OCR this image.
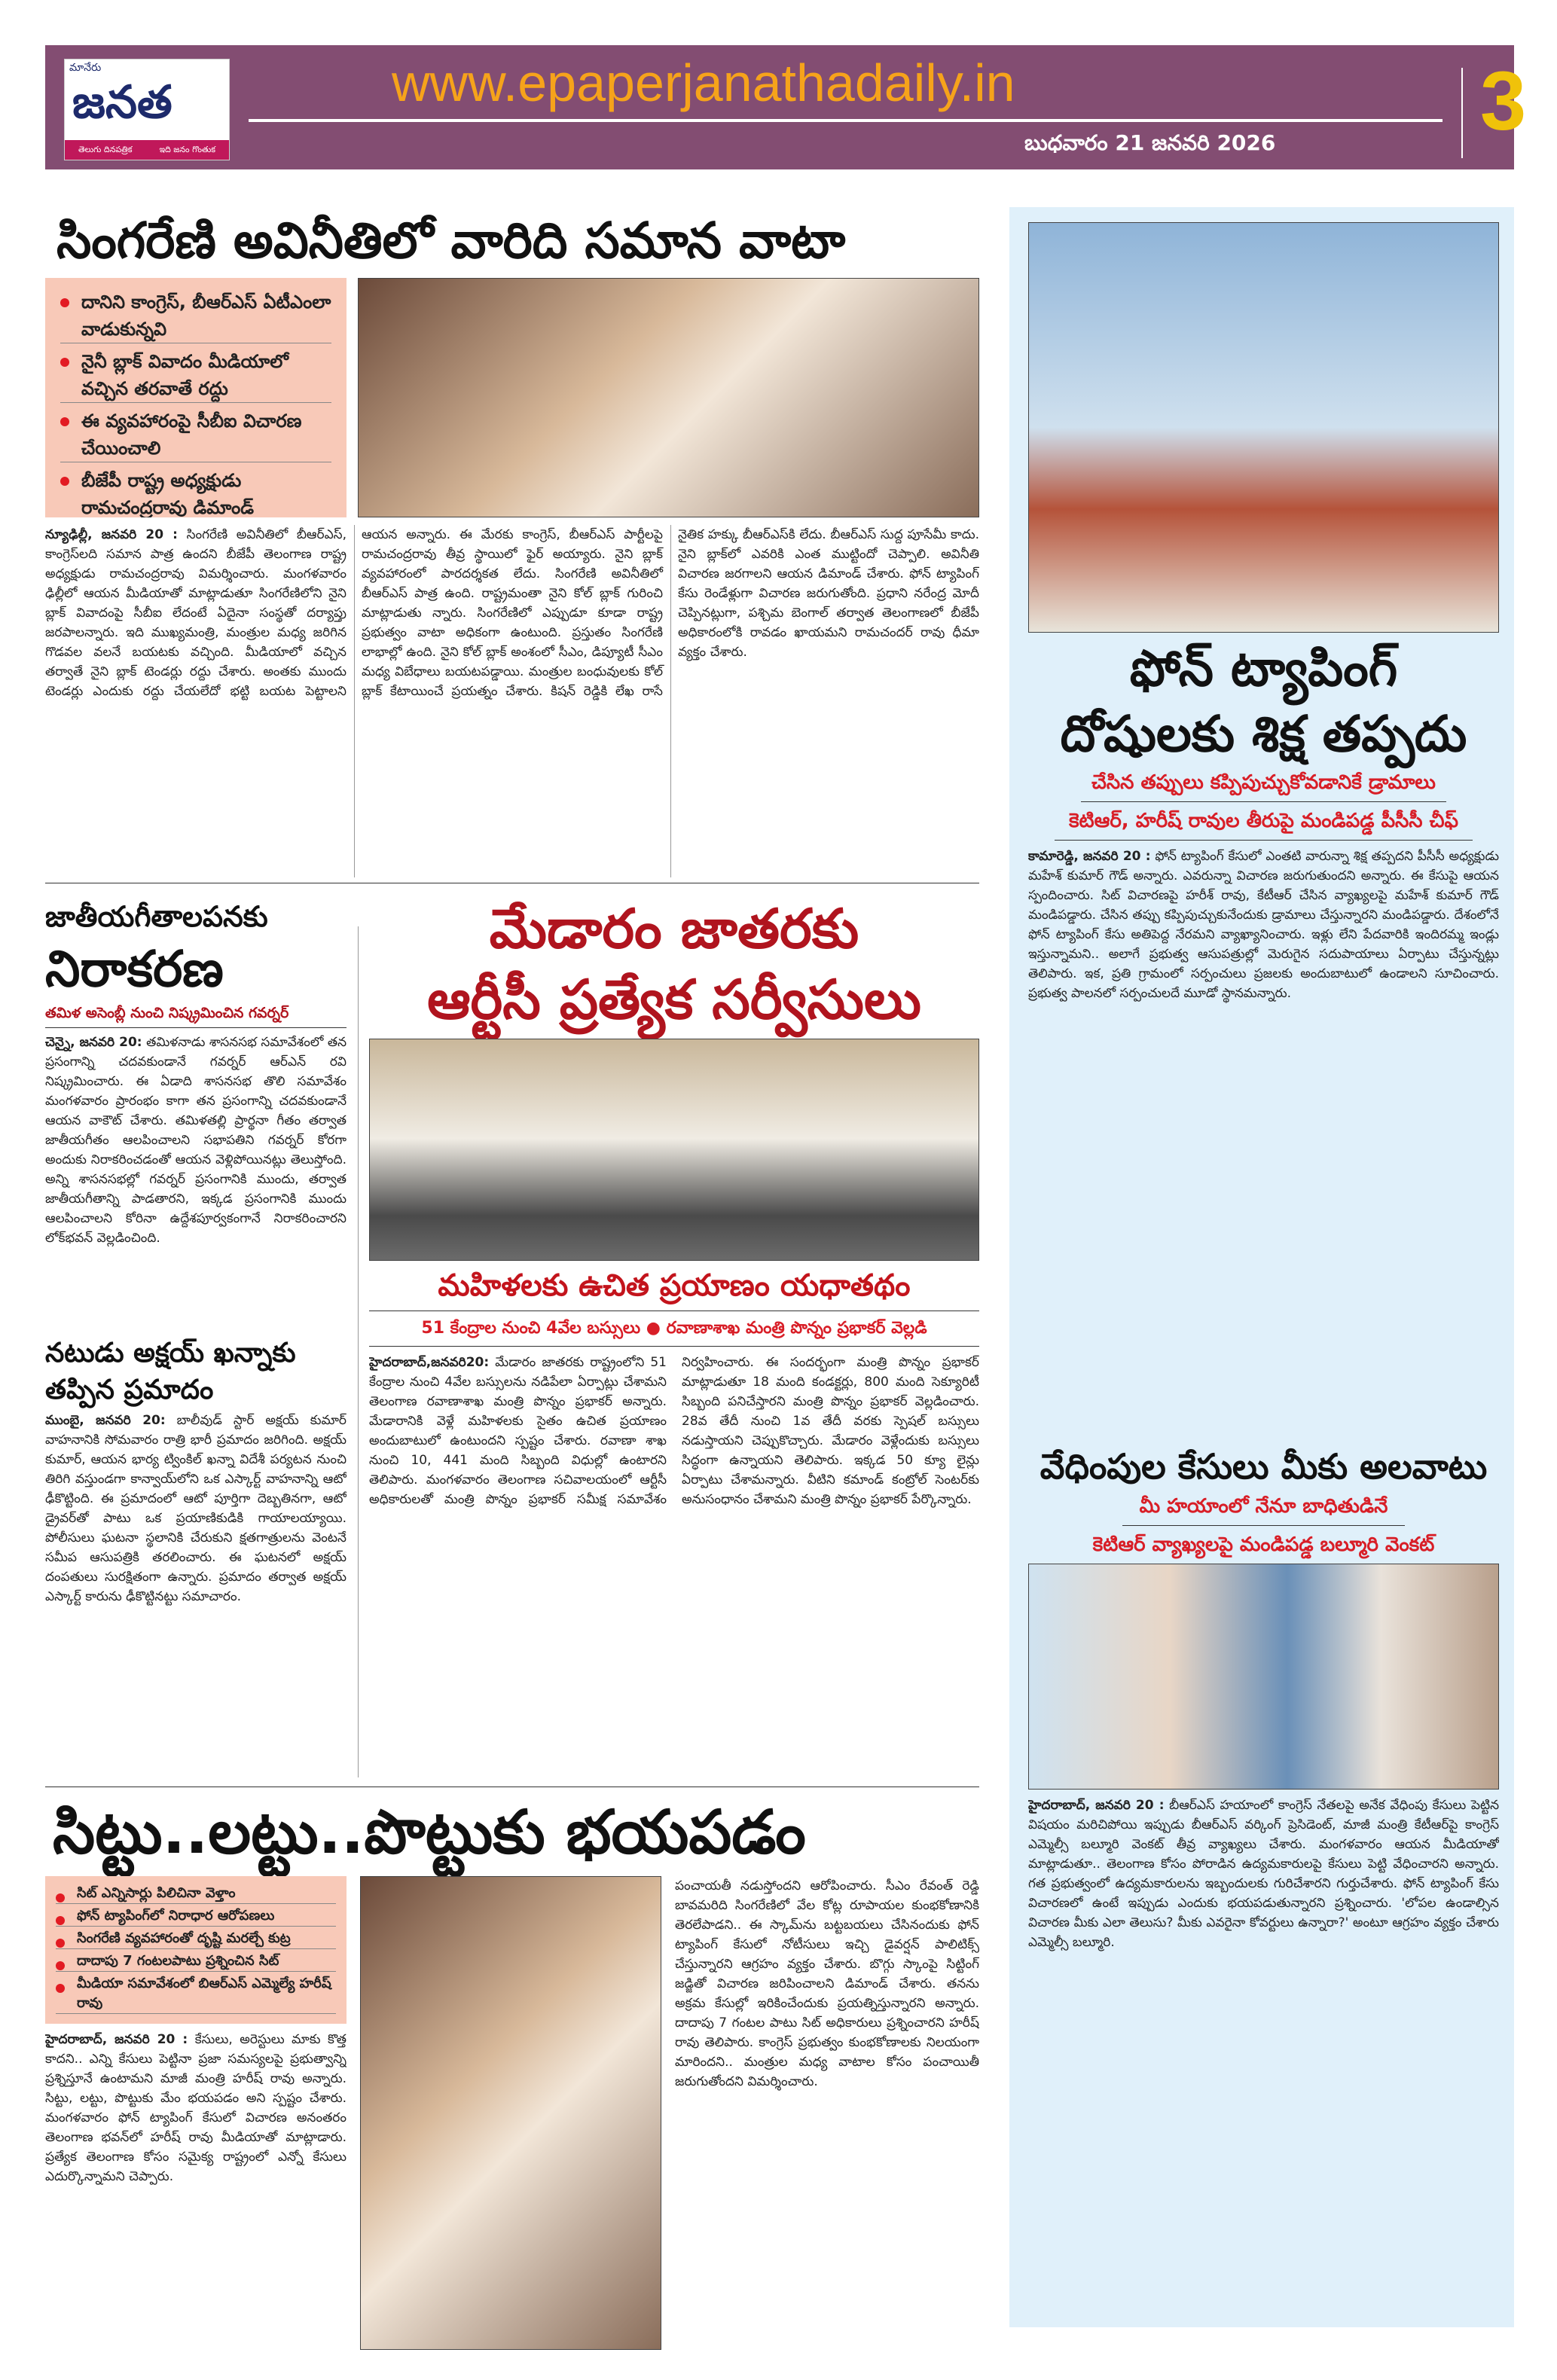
మానేరు
జనత
తెలుగు దినపత్రిక	ఇది జనం గొంతుక
www.epaperjanathadaily.in
బుధవారం 21 జనవరి 2026 3
సింగరేణి అవినీతిలో వారిది సమాన వాటా
దానిని కాంగ్రెస్, బీఆర్ఎస్ ఏటీఎంలా వాడుకున్నవి
నైనీ బ్లాక్ వివాదం మీడియాలో వచ్చిన తరవాతే రద్దు
ఈ వ్యవహారంపై సీబీఐ విచారణ చేయించాలి
బీజేపీ రాష్ట్ర అధ్యక్షుడు రామచంద్రరావు డిమాండ్
న్యూఢిల్లీ, జనవరి 20 : సింగరేణి అవినీతిలో బీఆర్ఎస్, కాంగ్రెస్‌లది సమాన పాత్ర ఉందని బీజేపీ తెలంగాణ రాష్ట్ర అధ్యక్షుడు రామచంద్రరావు విమర్శించారు. మంగళవారం ఢిల్లీలో ఆయన మీడియాతో మాట్లాడుతూ సింగరేణిలోని నైని బ్లాక్ వివాదంపై సీబీఐ లేదంటే ఏదైనా సంస్థతో దర్యాప్తు జరపాలన్నారు. ఇది ముఖ్యమంత్రి, మంత్రుల మధ్య జరిగిన గొడవల వలనే బయటకు వచ్చింది. మీడియాలో వచ్చిన తర్వాతే నైని బ్లాక్ టెండర్లు రద్దు చేశారు. అంతకు ముందు టెండర్లు ఎందుకు రద్దు చేయలేదో భట్టి బయట పెట్టాలని ఆయన అన్నారు. ఈ మేరకు కాంగ్రెస్, బీఆర్ఎస్ పార్టీలపై రామచంద్రరావు తీవ్ర స్థాయిలో ఫైర్ అయ్యారు. నైని బ్లాక్ వ్యవహారంలో పారదర్శకత లేదు. సింగరేణి అవినీతిలో బీఆర్ఎస్ పాత్ర ఉంది. రాష్ట్రమంతా నైని కోల్ బ్లాక్ గురించి మాట్లాడుతు న్నారు. సింగరేణిలో ఎప్పుడూ కూడా రాష్ట్ర ప్రభుత్వం వాటా అధికంగా ఉంటుంది. ప్రస్తుతం సింగరేణి లాభాల్లో ఉంది. నైని కోల్ బ్లాక్ అంశంలో సీఎం, డిప్యూటీ సీఎం మధ్య విబేధాలు బయటపడ్డాయి. మంత్రుల బంధువులకు కోల్ బ్లాక్ కేటాయించే ప్రయత్నం చేశారు. కిషన్ రెడ్డికి లేఖ రాసే నైతిక హక్కు బీఆర్ఎస్‌కి లేదు. బీఆర్ఎస్ సుద్ద పూసేమీ కాదు. నైని బ్లాక్‌లో ఎవరికి ఎంత ముట్టిందో చెప్పాలి. అవినీతి విచారణ జరగాలని ఆయన డిమాండ్ చేశారు. ఫోన్ ట్యాపింగ్ కేసు రెండేళ్లుగా విచారణ జరుగుతోంది. ప్రధాని నరేంద్ర మోదీ చెప్పినట్లుగా, పశ్చిమ బెంగాల్ తర్వాత తెలంగాణలో బీజేపీ అధికారంలోకి రావడం ఖాయమని రామచందర్ రావు ధీమా వ్యక్తం చేశారు.
జాతీయగీతాలపనకు
నిరాకరణ
తమిళ అసెంబ్లీ నుంచి నిష్క్రమించిన గవర్నర్
చెన్నై, జనవరి 20: తమిళనాడు శాసనసభ సమావేశంలో తన ప్రసంగాన్ని చదవకుండానే గవర్నర్ ఆర్‌ఎన్ రవి నిష్క్రమించారు. ఈ ఏడాది శాసనసభ తొలి సమావేశం మంగళవారం ప్రారంభం కాగా తన ప్రసంగాన్ని చదవకుండానే ఆయన వాకౌట్ చేశారు. తమిళతల్లి ప్రార్థనా గీతం తర్వాత జాతీయగీతం ఆలపించాలని సభాపతిని గవర్నర్ కోరగా అందుకు నిరాకరించడంతో ఆయన వెళ్లిపోయినట్లు తెలుస్తోంది. అన్ని శాసనసభల్లో గవర్నర్ ప్రసంగానికి ముందు, తర్వాత జాతీయగీతాన్ని పాడతారని, ఇక్కడ ప్రసంగానికి ముందు ఆలపించాలని కోరినా ఉద్దేశపూర్వకంగానే నిరాకరించారని లోక్‌భవన్ వెల్లడించింది.
నటుడు అక్షయ్ ఖన్నాకు
తప్పిన ప్రమాదం
ముంబై, జనవరి 20: బాలీవుడ్ స్టార్ అక్షయ్ కుమార్ వాహనానికి సోమవారం రాత్రి భారీ ప్రమాదం జరిగింది. అక్షయ్ కుమార్, ఆయన భార్య ట్వింకిల్ ఖన్నా విదేశీ పర్యటన నుంచి తిరిగి వస్తుండగా కాన్వాయ్‌లోని ఒక ఎస్కార్ట్ వాహనాన్ని ఆటో ఢీకొట్టింది. ఈ ప్రమాదంలో ఆటో పూర్తిగా దెబ్బతినగా, ఆటో డ్రైవర్‌తో పాటు ఒక ప్రయాణికుడికి గాయాలయ్యాయి. పోలీసులు ఘటనా స్థలానికి చేరుకుని క్షతగాత్రులను వెంటనే సమీప ఆసుపత్రికి తరలించారు. ఈ ఘటనలో అక్షయ్ దంపతులు సురక్షితంగా ఉన్నారు. ప్రమాదం తర్వాత అక్షయ్ ఎస్కార్ట్ కారును ఢీకొట్టినట్టు సమాచారం.
మేడారం జాతరకు
ఆర్టీసీ ప్రత్యేక సర్వీసులు
మహిళలకు ఉచిత ప్రయాణం యధాతథం
51 కేంద్రాల నుంచి 4వేల బస్సులు ● రవాణాశాఖ మంత్రి పొన్నం ప్రభాకర్ వెల్లడి
హైదరాబాద్,జనవరి20: మేడారం జాతరకు రాష్ట్రంలోని 51 కేంద్రాల నుంచి 4వేల బస్సులను నడిపేలా ఏర్పాట్లు చేశామని తెలంగాణ రవాణాశాఖ మంత్రి పొన్నం ప్రభాకర్ అన్నారు. మేడారానికి వెళ్లే మహిళలకు సైతం ఉచిత ప్రయాణం అందుబాటులో ఉంటుందని స్పష్టం చేశారు. రవాణా శాఖ నుంచి 10, 441 మంది సిబ్బంది విధుల్లో ఉంటారని తెలిపారు. మంగళవారం తెలంగాణ సచివాలయంలో ఆర్టీసీ అధికారులతో మంత్రి పొన్నం ప్రభాకర్ సమీక్ష సమావేశం నిర్వహించారు. ఈ సందర్భంగా మంత్రి పొన్నం ప్రభాకర్ మాట్లాడుతూ 18 మంది కండక్టర్లు, 800 మంది సెక్యూరిటీ సిబ్బంది పనిచేస్తారని మంత్రి పొన్నం ప్రభాకర్ వెల్లడించారు. 28వ తేదీ నుంచి 1వ తేదీ వరకు స్పెషల్ బస్సులు నడుస్తాయని చెప్పుకొచ్చారు. మేడారం వెళ్లేందుకు బస్సులు సిద్ధంగా ఉన్నాయని తెలిపారు. ఇక్కడ 50 క్యూ లైన్లు ఏర్పాటు చేశామన్నారు. వీటిని కమాండ్ కంట్రోల్ సెంటర్‌కు అనుసంధానం చేశామని మంత్రి పొన్నం ప్రభాకర్ పేర్కొన్నారు.
సిట్టు..లట్టు..పొట్టుకు భయపడం
సిట్ ఎన్నిసార్లు పిలిచినా వెళ్తాం
ఫోన్ ట్యాపింగ్‌లో నిరాధార ఆరోపణలు
సింగరేణి వ్యవహారంతో దృష్టి మరల్చే కుట్ర
దాదాపు 7 గంటలపాటు ప్రశ్నించిన సిట్
మీడియా సమావేశంలో బిఆర్ఎస్ ఎమ్మెల్యే హరీష్ రావు
హైదరాబాద్, జనవరి 20 : కేసులు, అరెస్టులు మాకు కొత్త కాదని.. ఎన్ని కేసులు పెట్టినా ప్రజా సమస్యలపై ప్రభుత్వాన్ని ప్రశ్నిస్తూనే ఉంటామని మాజీ మంత్రి హరీష్ రావు అన్నారు. సిట్టు, లట్టు, పొట్టుకు మేం భయపడం అని స్పష్టం చేశారు. మంగళవారం ఫోన్ ట్యాపింగ్ కేసులో విచారణ అనంతరం తెలంగాణ భవన్‌లో హరీష్ రావు మీడియాతో మాట్లాడారు. ప్రత్యేక తెలంగాణ కోసం సమైక్య రాష్ట్రంలో ఎన్నో కేసులు ఎదుర్కొన్నామని చెప్పారు.
పంచాయతీ నడుస్తోందని ఆరోపించారు. సీఎం రేవంత్ రెడ్డి బావమరిది సింగరేణిలో వేల కోట్ల రూపాయల కుంభకోణానికి తెరలేపాడని.. ఈ స్కామ్‌ను బట్టబయలు చేసినందుకు ఫోన్ ట్యాపింగ్ కేసులో నోటీసులు ఇచ్చి డైవర్షన్ పాలిటిక్స్ చేస్తున్నారని ఆగ్రహం వ్యక్తం చేశారు. బొగ్గు స్కాంపై సిట్టింగ్ జడ్జితో విచారణ జరిపించాలని డిమాండ్ చేశారు. తనను అక్రమ కేసుల్లో ఇరికించేందుకు ప్రయత్నిస్తున్నారని అన్నారు. దాదాపు 7 గంటల పాటు సిట్ అధికారులు ప్రశ్నించారని హరీష్ రావు తెలిపారు. కాంగ్రెస్ ప్రభుత్వం కుంభకోణాలకు నిలయంగా మారిందని.. మంత్రుల మధ్య వాటాల కోసం పంచాయితీ జరుగుతోందని విమర్శించారు.
ఫోన్ ట్యాపింగ్
దోషులకు శిక్ష తప్పదు
చేసిన తప్పులు కప్పిపుచ్చుకోవడానికే డ్రామాలు
కెటిఆర్, హరీష్ రావుల తీరుపై మండిపడ్డ పీసీసీ చీఫ్
కామారెడ్డి, జనవరి 20 : ఫోన్ ట్యాపింగ్ కేసులో ఎంతటి వారున్నా శిక్ష తప్పదని పీసీసీ అధ్యక్షుడు మహేశ్ కుమార్ గౌడ్ అన్నారు. ఎవరున్నా విచారణ జరుగుతుందని అన్నారు. ఈ కేసుపై ఆయన స్పందించారు. సిట్ విచారణపై హరీశ్ రావు, కేటీఆర్ చేసిన వ్యాఖ్యలపై మహేశ్ కుమార్ గౌడ్ మండిపడ్డారు. చేసిన తప్పు కప్పిపుచ్చుకునేందుకు డ్రామాలు చేస్తున్నారని మండిపడ్డారు. దేశంలోనే ఫోన్ ట్యాపింగ్ కేసు అతిపెద్ద నేరమని వ్యాఖ్యానించారు. ఇళ్లు లేని పేదవారికి ఇందిరమ్మ ఇండ్లు ఇస్తున్నామని.. అలాగే ప్రభుత్వ ఆసుపత్రుల్లో మెరుగైన సదుపాయాలు ఏర్పాటు చేస్తున్నట్లు తెలిపారు. ఇక, ప్రతి గ్రామంలో సర్పంచులు ప్రజలకు అందుబాటులో ఉండాలని సూచించారు. ప్రభుత్వ పాలనలో సర్పంచులదే మూడో స్థానమన్నారు.
వేధింపుల కేసులు మీకు అలవాటు
మీ హయాంలో నేనూ బాధితుడినే
కెటిఆర్ వ్యాఖ్యలపై మండిపడ్డ బల్మూరి వెంకట్
హైదరాబాద్, జనవరి 20 : బీఆర్ఎస్ హయాంలో కాంగ్రెస్ నేతలపై అనేక వేధింపు కేసులు పెట్టిన విషయం మరిచిపోయి ఇప్పుడు బీఆర్ఎస్ వర్కింగ్ ప్రెసిడెంట్, మాజీ మంత్రి కేటీఆర్‌పై కాంగ్రెస్ ఎమ్మెల్సీ బల్మూరి వెంకట్ తీవ్ర వ్యాఖ్యలు చేశారు. మంగళవారం ఆయన మీడియాతో మాట్లాడుతూ.. తెలంగాణ కోసం పోరాడిన ఉద్యమకారులపై కేసులు పెట్టి వేధించారని అన్నారు. గత ప్రభుత్వంలో ఉద్యమకారులను ఇబ్బందులకు గురిచేశారని గుర్తుచేశారు. ఫోన్ ట్యాపింగ్ కేసు విచారణలో ఉంటే ఇప్పుడు ఎందుకు భయపడుతున్నారని ప్రశ్నించారు. 'లోపల ఉండాల్సిన విచారణ మీకు ఎలా తెలుసు? మీకు ఎవరైనా కోవర్టులు ఉన్నారా?' అంటూ ఆగ్రహం వ్యక్తం చేశారు ఎమ్మెల్సీ బల్మూరి.
